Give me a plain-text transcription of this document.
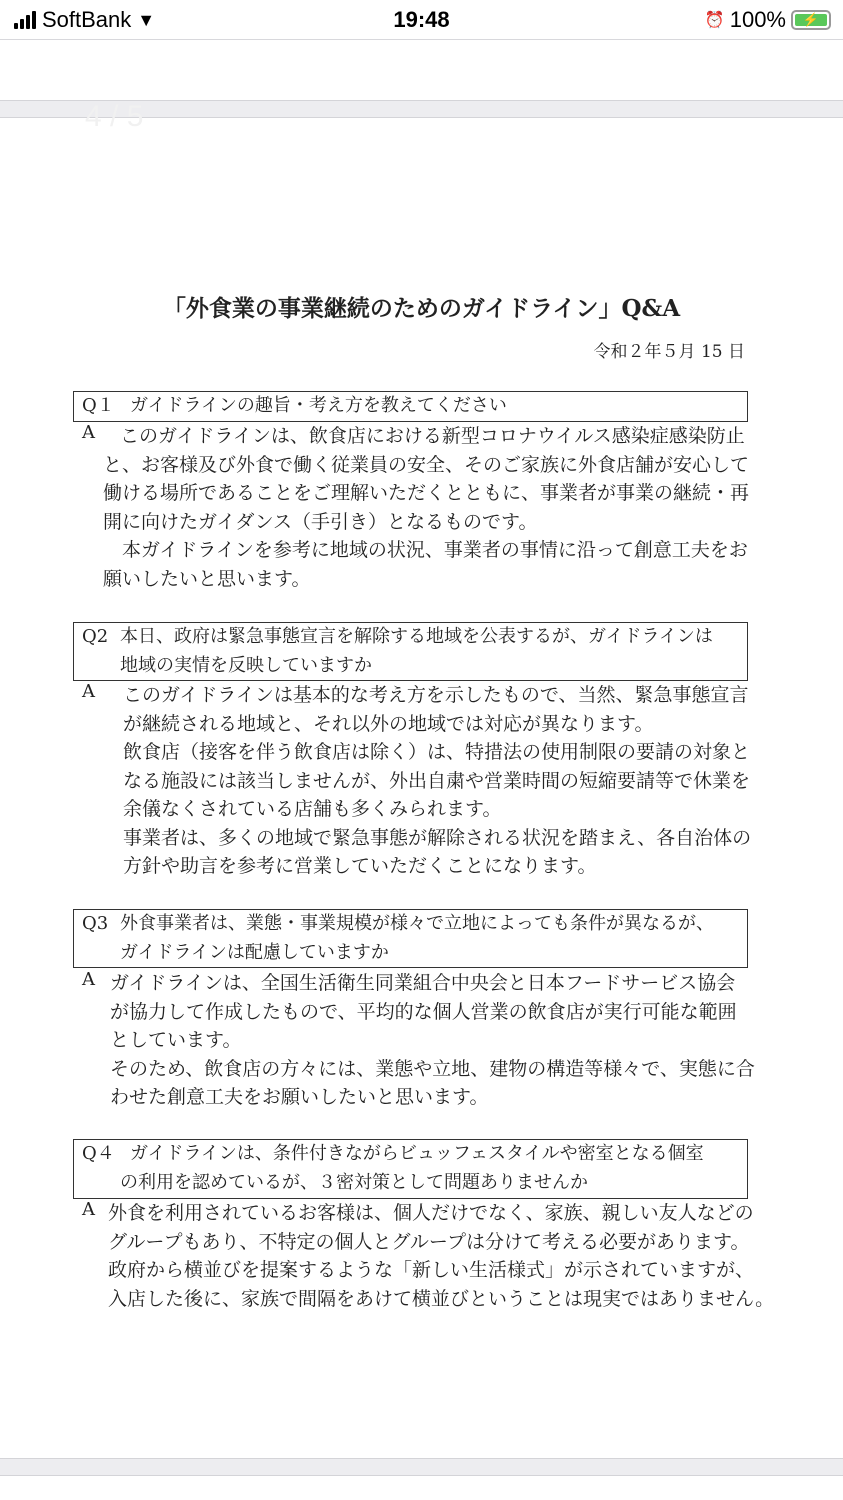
SoftBank ▼	19:48	⏰ 100%	⚡
4 / 5
「外食業の事業継続のためのガイドライン」Q&A
令和２年５月 15 日
Q１ ガイドラインの趣旨・考え方を教えてください
A	このガイドラインは、飲食店における新型コロナウイルス感染症感染防止
と、お客様及び外食で働く従業員の安全、そのご家族に外食店舗が安心して
働ける場所であることをご理解いただくとともに、事業者が事業の継続・再
開に向けたガイダンス（手引き）となるものです。
　本ガイドラインを参考に地域の状況、事業者の事情に沿って創意工夫をお
願いしたいと思います。
Q2 本日、政府は緊急事態宣言を解除する地域を公表するが、ガイドラインは
地域の実情を反映していますか
A このガイドラインは基本的な考え方を示したもので、当然、緊急事態宣言
が継続される地域と、それ以外の地域では対応が異なります。
飲食店（接客を伴う飲食店は除く）は、特措法の使用制限の要請の対象と
なる施設には該当しませんが、外出自粛や営業時間の短縮要請等で休業を
余儀なくされている店舗も多くみられます。
事業者は、多くの地域で緊急事態が解除される状況を踏まえ、各自治体の
方針や助言を参考に営業していただくことになります。
Q3 外食事業者は、業態・事業規模が様々で立地によっても条件が異なるが、
ガイドラインは配慮していますか
A ガイドラインは、全国生活衛生同業組合中央会と日本フードサービス協会
が協力して作成したもので、平均的な個人営業の飲食店が実行可能な範囲
としています。
そのため、飲食店の方々には、業態や立地、建物の構造等様々で、実態に合
わせた創意工夫をお願いしたいと思います。
Q４ ガイドラインは、条件付きながらビュッフェスタイルや密室となる個室
の利用を認めているが、３密対策として問題ありませんか
A 外食を利用されているお客様は、個人だけでなく、家族、親しい友人などの
グループもあり、不特定の個人とグループは分けて考える必要があります。
政府から横並びを提案するような「新しい生活様式」が示されていますが、
入店した後に、家族で間隔をあけて横並びということは現実ではありません。
